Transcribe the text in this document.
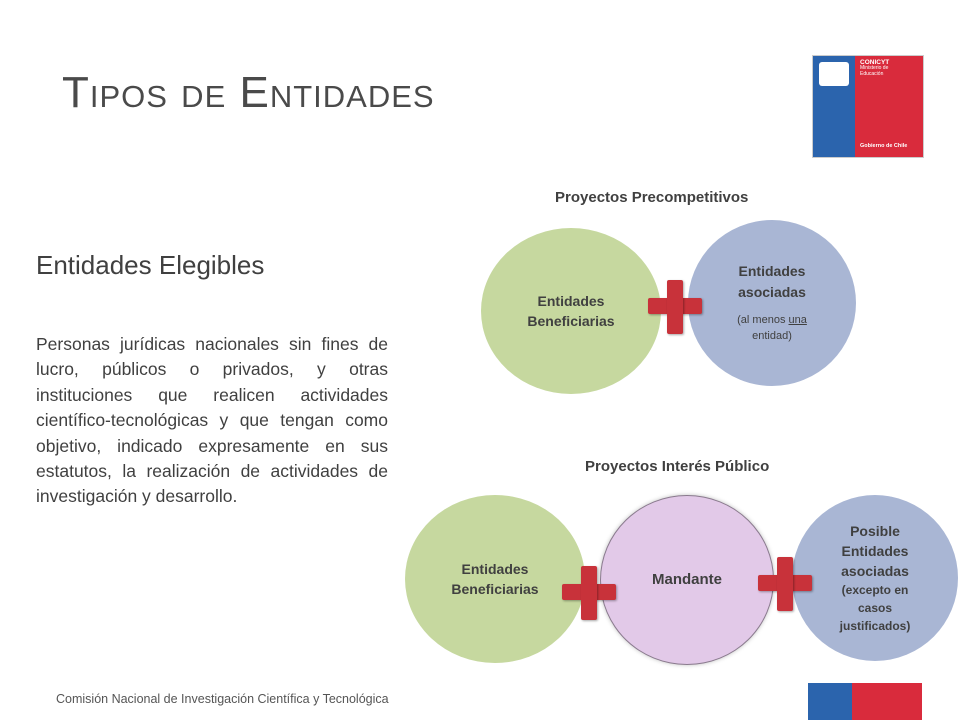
Tipos de Entidades
CONICYT
Ministerio de
Educación
Gobierno de Chile
Entidades Elegibles
Personas jurídicas nacionales sin fines de lucro, públicos o privados, y otras instituciones que realicen actividades científico-tecnológicas y que tengan como objetivo, indicado expresamente en sus estatutos, la realización de actividades de investigación y desarrollo.
Proyectos Precompetitivos
Entidades
Beneficiarias
Entidades
asociadas
(al menos una
entidad)
Proyectos Interés Público
Entidades
Beneficiarias
Mandante
Posible
Entidades
asociadas
(excepto en
casos
justificados)
Comisión Nacional de Investigación Científica y Tecnológica
